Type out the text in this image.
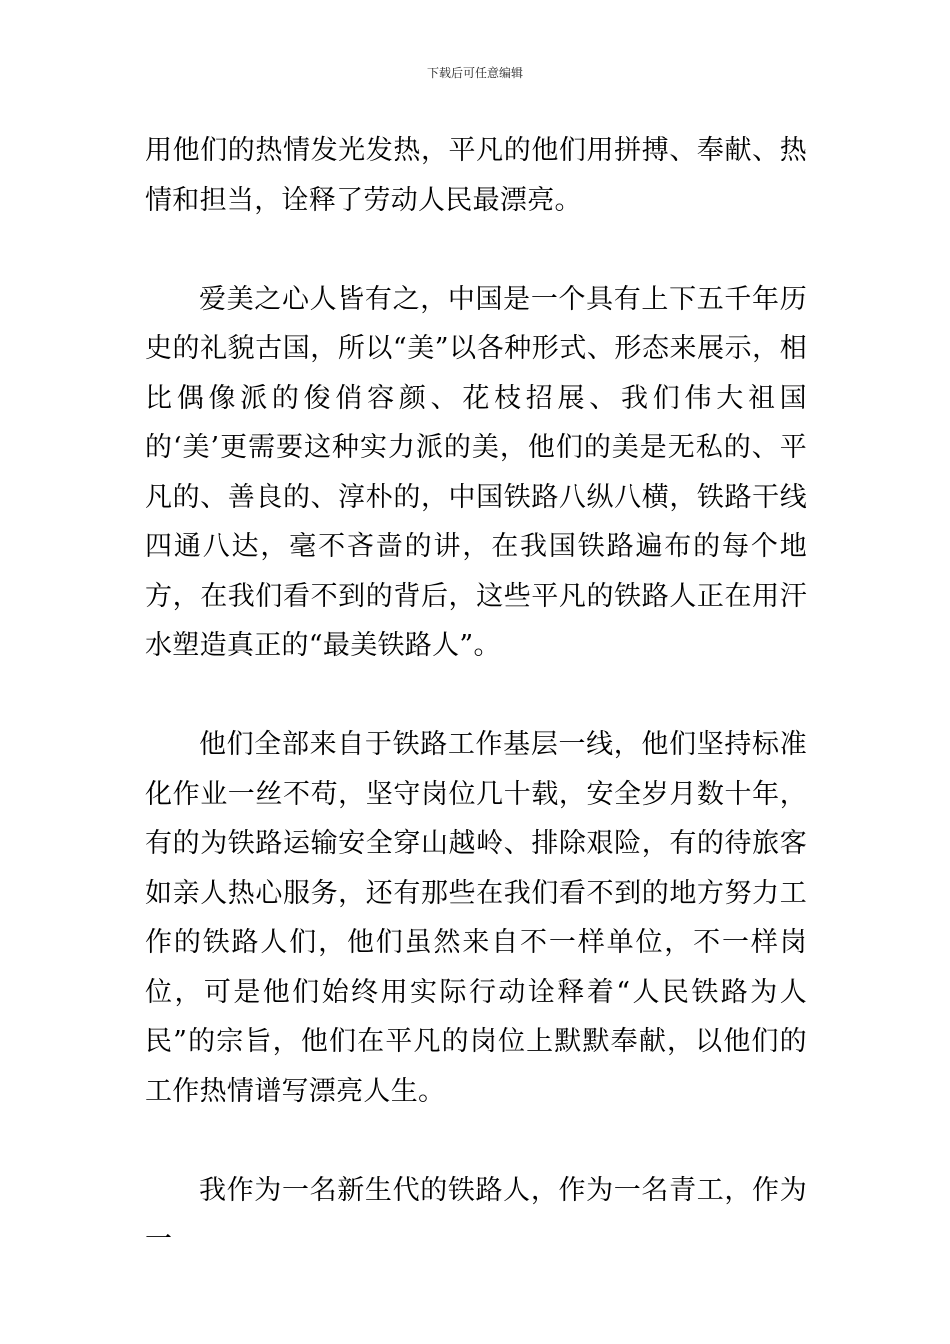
下载后可任意编辑

用他们的热情发光发热，平凡的他们用拼搏、奉献、热情和担当，诠释了劳动人民最漂亮。

爱美之心人皆有之，中国是一个具有上下五千年历史的礼貌古国，所以“美”以各种形式、形态来展示，相比偶像派的俊俏容颜、花枝招展、我们伟大祖国的‘美’更需要这种实力派的美，他们的美是无私的、平凡的、善良的、淳朴的，中国铁路八纵八横，铁路干线四通八达，毫不吝啬的讲，在我国铁路遍布的每个地方，在我们看不到的背后，这些平凡的铁路人正在用汗水塑造真正的“最美铁路人”。

他们全部来自于铁路工作基层一线，他们坚持标准化作业一丝不苟，坚守岗位几十载，安全岁月数十年，有的为铁路运输安全穿山越岭、排除艰险，有的待旅客如亲人热心服务，还有那些在我们看不到的地方努力工作的铁路人们，他们虽然来自不一样单位，不一样岗位，可是他们始终用实际行动诠释着“人民铁路为人民”的宗旨，他们在平凡的岗位上默默奉献，以他们的工作热情谱写漂亮人生。

我作为一名新生代的铁路人，作为一名青工，作为一
